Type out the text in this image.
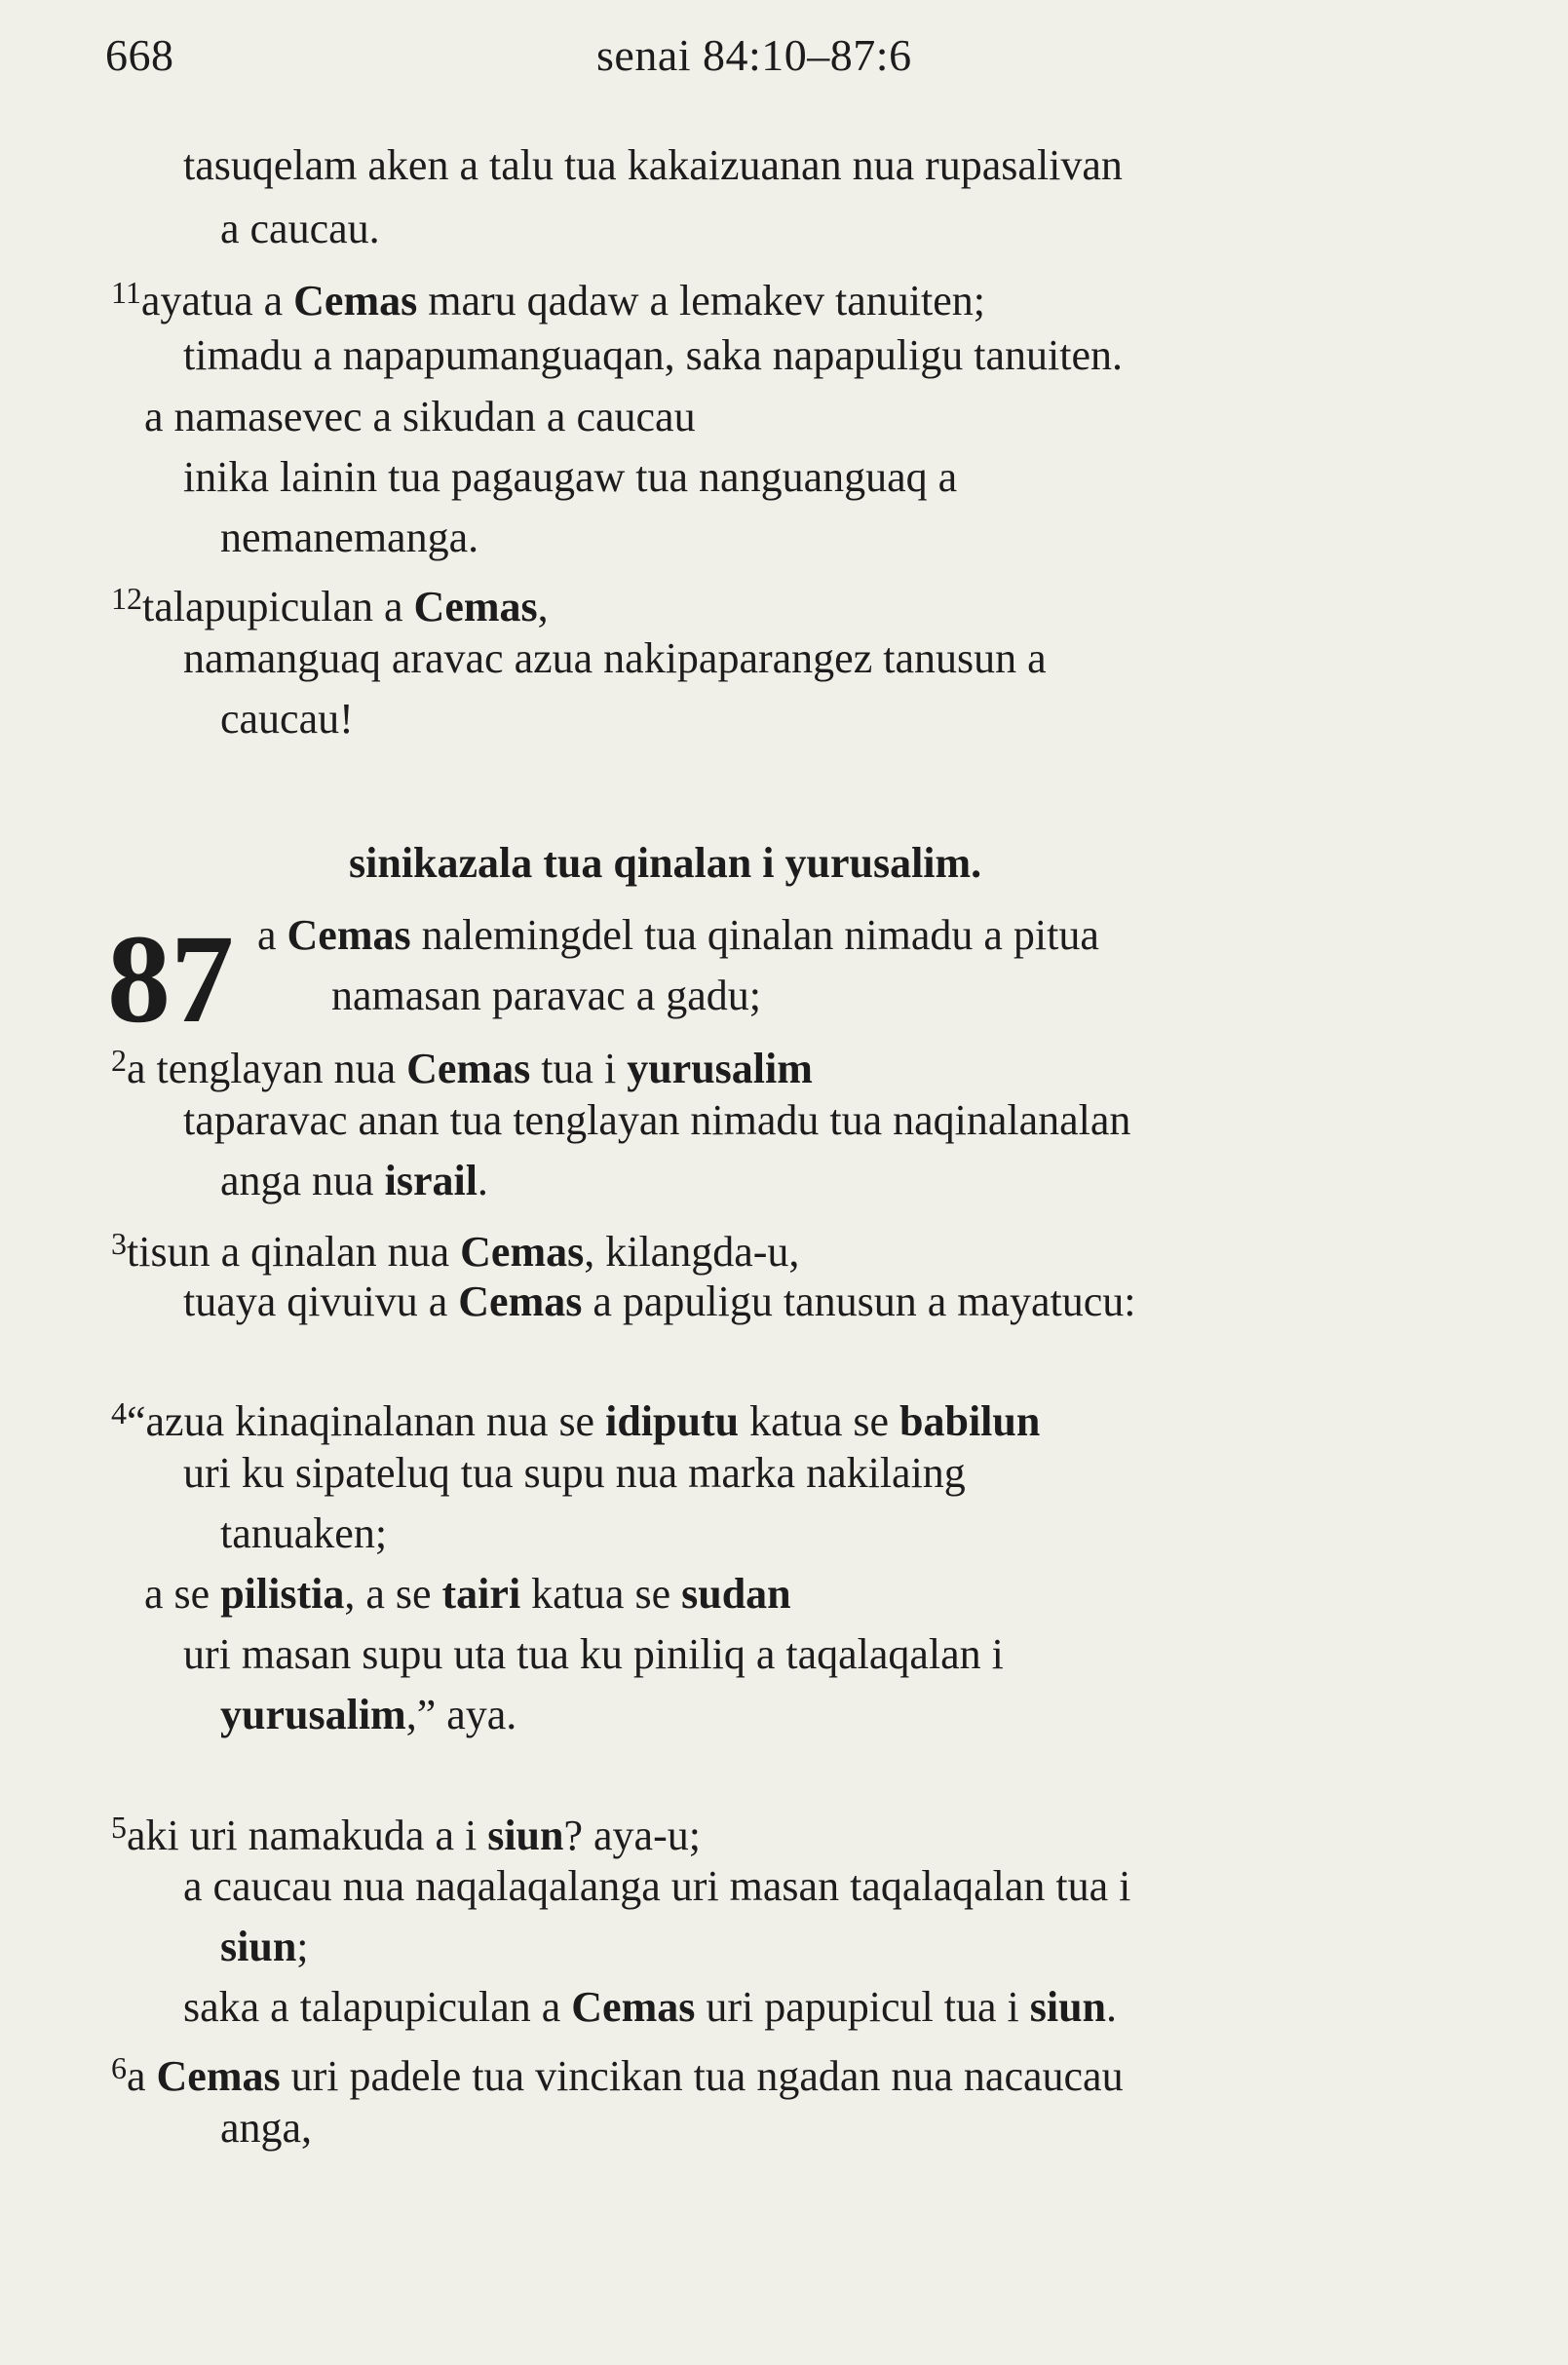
668	senai 84:10–87:6
tasuqelam aken a talu tua kakaizuanan nua rupasalivan
a caucau.
$^{11}$ayatua a Cemas maru qadaw a lemakev tanuiten;
timadu a napapumanguaqan, saka napapuligu tanuiten.
a namasevec a sikudan a caucau
inika lainin tua pagaugaw tua nanguanguaq a
nemanemanga.
$^{12}$talapupiculan a Cemas,
namanguaq aravac azua nakipaparangez tanusun a
caucau!
sinikazala tua qinalan i yurusalim.
87 a Cemas nalemingdel tua qinalan nimadu a pitua
namasan paravac a gadu;
$^2$a tenglayan nua Cemas tua i yurusalim
taparavac anan tua tenglayan nimadu tua naqinalanalan
anga nua israil.
$^3$tisun a qinalan nua Cemas, kilangda-u,
tuaya qivuivu a Cemas a papuligu tanusun a mayatucu:
$^4$“azua kinaqinalanan nua se idiputu katua se babilun
uri ku sipateluq tua supu nua marka nakilaing
tanuaken;
a se pilistia, a se tairi katua se sudan
uri masan supu uta tua ku piniliq a taqalaqalan i
yurusalim,” aya.
$^5$aki uri namakuda a i siun? aya-u;
a caucau nua naqalaqalanga uri masan taqalaqalan tua i
siun;
saka a talapupiculan a Cemas uri papupicul tua i siun.
$^6$a Cemas uri padele tua vincikan tua ngadan nua nacaucau
anga,
